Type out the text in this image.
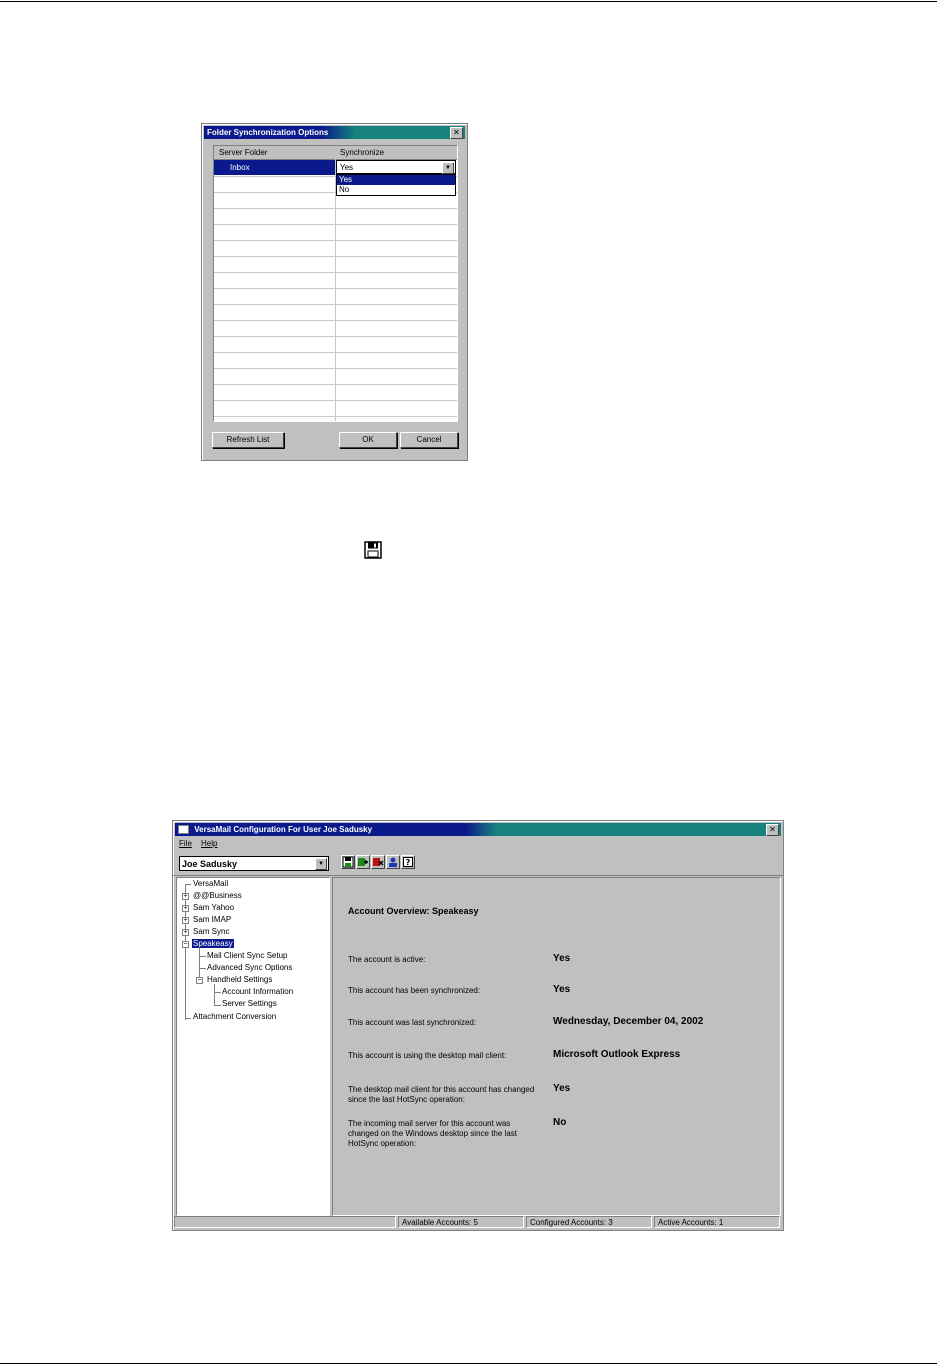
Folder Synchronization Options	✕
Server Folder	Synchronize
Inbox	Yes	▼
Yes
No
Refresh List	OK	Cancel
VersaMail Configuration For User Joe Sadusky	✕
File Help
Joe Sadusky	▼	?
VersaMail
+ @@Business
+ Sam Yahoo
+ Sam IMAP
+ Sam Sync
− Speakeasy
Mail Client Sync Setup
Advanced Sync Options
− Handheld Settings
Account Information
Server Settings
Attachment Conversion
Account Overview: Speakeasy
The account is active:	Yes
This account has been synchronized:	Yes
This account was last synchronized:	Wednesday, December 04, 2002
This account is using the desktop mail client:	Microsoft Outlook Express
The desktop mail client for this account has changed since the last HotSync operation:
Yes
The incoming mail server for this account was changed on the Windows desktop since the last HotSync operation:
No
Available Accounts: 5	Configured Accounts: 3	Active Accounts: 1
